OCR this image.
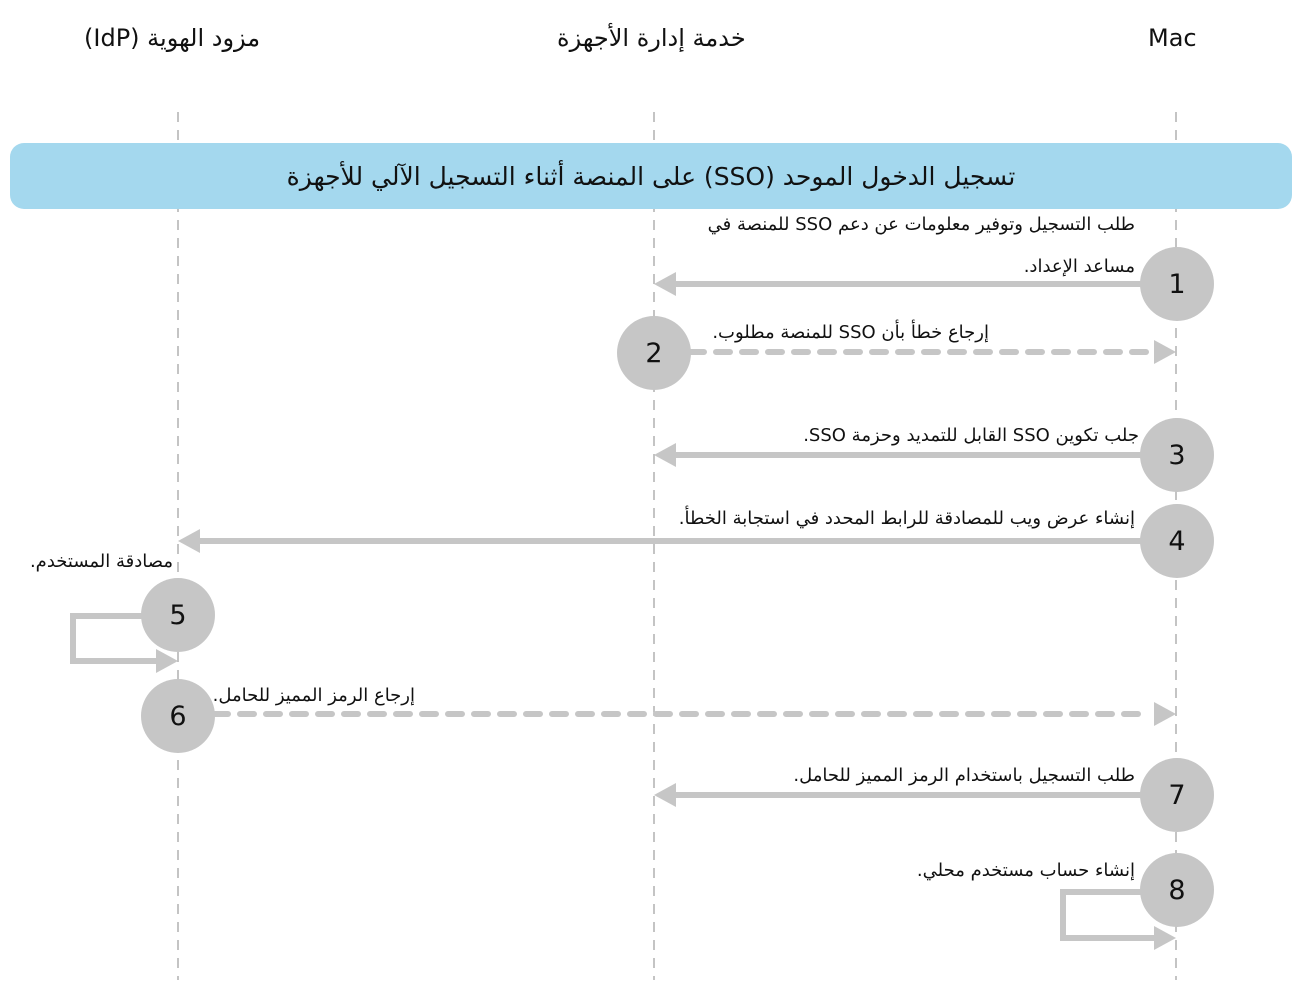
مزود الهوية (IdP)	خدمة إدارة الأجهزة	Mac
تسجيل الدخول الموحد (SSO) على المنصة أثناء التسجيل الآلي للأجهزة
1
2
3
4
5
6
7
8
طلب التسجيل وتوفير معلومات عن دعم SSO للمنصة في
مساعد الإعداد.
إرجاع خطأ بأن SSO للمنصة مطلوب.
جلب تكوين SSO القابل للتمديد وحزمة SSO.
إنشاء عرض ويب للمصادقة للرابط المحدد في استجابة الخطأ.
مصادقة المستخدم.
إرجاع الرمز المميز للحامل.
طلب التسجيل باستخدام الرمز المميز للحامل.
إنشاء حساب مستخدم محلي.
